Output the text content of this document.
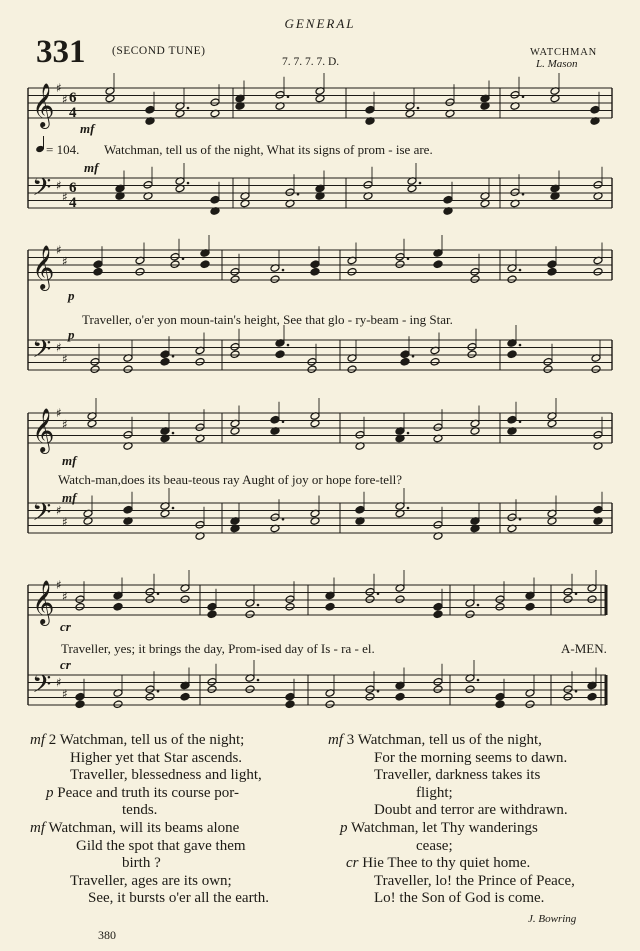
GENERAL
331 (SECOND TUNE)
7. 7. 7. 7. D.
WATCHMAN
L. Mason
𝄞 ♯
♯ 6
4
𝄢 ♯
♯
6
4
𝄞 ♯
♯
𝄢 ♯
♯
𝄞 ♯
♯
𝄢 ♯
♯
𝄞 ♯
♯
𝄢 ♯
♯
Watchman, tell us of the night, What its signs of prom - ise are.
mf
mf
Traveller, o'er yon moun-tain's height, See that glo - ry-beam - ing Star.
p
p
Watch-man,does its beau-teous ray Aught of joy or hope fore-tell?
mf
mf
Traveller, yes; it brings the day, Prom-ised day of Is - ra - el.
cr
cr
A-MEN.
= 104.
mf 2 Watchman, tell us of the night;
Higher yet that Star ascends.
Traveller, blessedness and light,
p Peace and truth its course por-
tends.
mf Watchman, will its beams alone
Gild the spot that gave them
birth ?
Traveller, ages are its own;
See, it bursts o'er all the earth.
mf 3 Watchman, tell us of the night,
For the morning seems to dawn.
Traveller, darkness takes its
flight;
Doubt and terror are withdrawn.
p Watchman, let Thy wanderings
cease;
cr Hie Thee to thy quiet home.
Traveller, lo! the Prince of Peace,
Lo! the Son of God is come.
J. Bowring
380
